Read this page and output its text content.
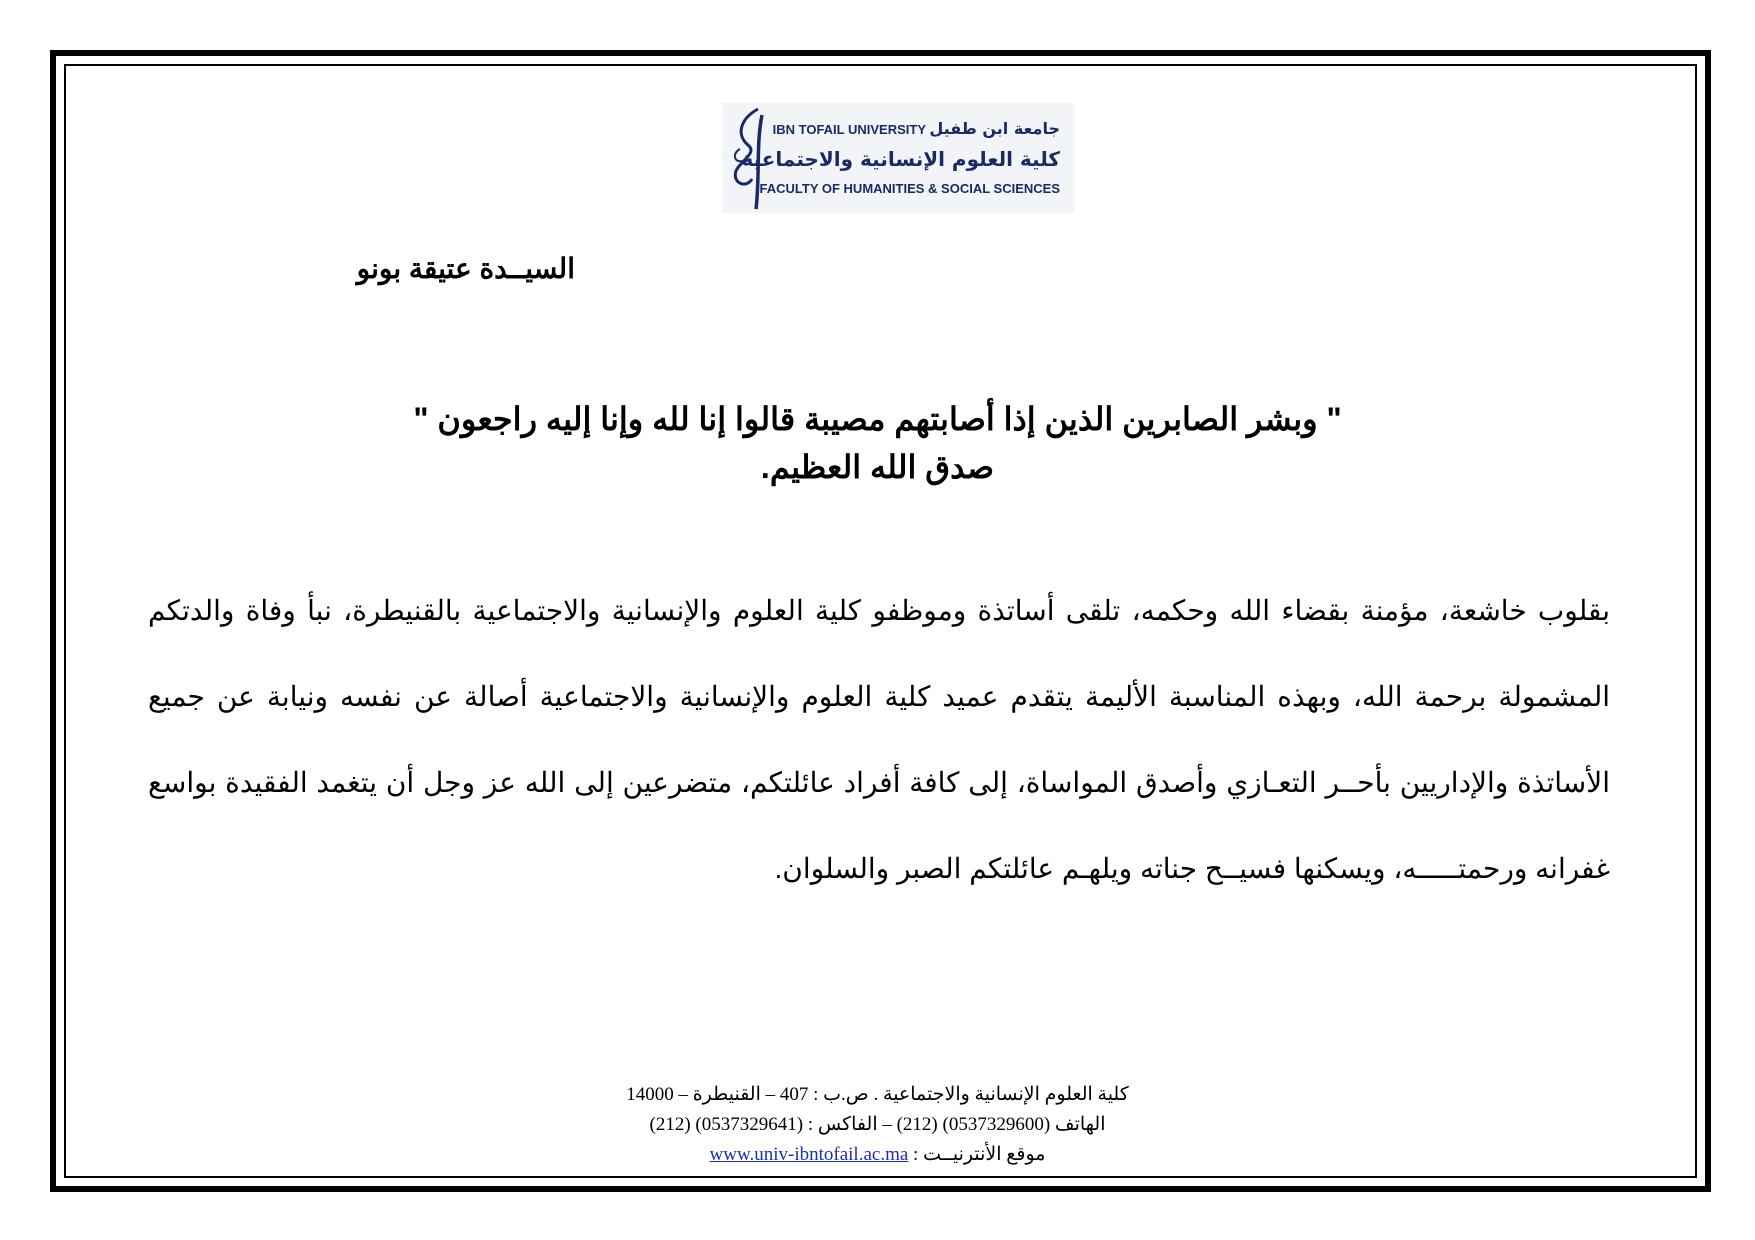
IBN TOFAIL UNIVERSITY جامعة ابن طفيل
كلية العلوم الإنسانية والاجتماعية
FACULTY OF HUMANITIES & SOCIAL SCIENCES
السيــدة عتيقة بونو
" وبشر الصابرين الذين إذا أصابتهم مصيبة قالوا إنا لله وإنا إليه راجعون "
صدق الله العظيم.
بقلوب خاشعة، مؤمنة بقضاء الله وحكمه، تلقى أساتذة وموظفو كلية العلوم والإنسانية والاجتماعية بالقنيطرة، نبأ وفاة والدتكم المشمولة برحمة الله، وبهذه المناسبة الأليمة يتقدم عميد كلية العلوم والإنسانية والاجتماعية أصالة عن نفسه ونيابة عن جميع الأساتذة والإداريين بأحــر التعـازي وأصدق المواساة، إلى كافة أفراد عائلتكم، متضرعين إلى الله عز وجل أن يتغمد الفقيدة بواسع غفرانه ورحمتـــــه، ويسكنها فسيــح جناته ويلهـم عائلتكم الصبر والسلوان.
كلية العلوم الإنسانية والاجتماعية . ص.ب : 407 – القنيطرة – 14000
الهاتف (0537329600) (212) – الفاكس : (0537329641) (212)
موقع الأنترنيــت : www.univ-ibntofail.ac.ma
